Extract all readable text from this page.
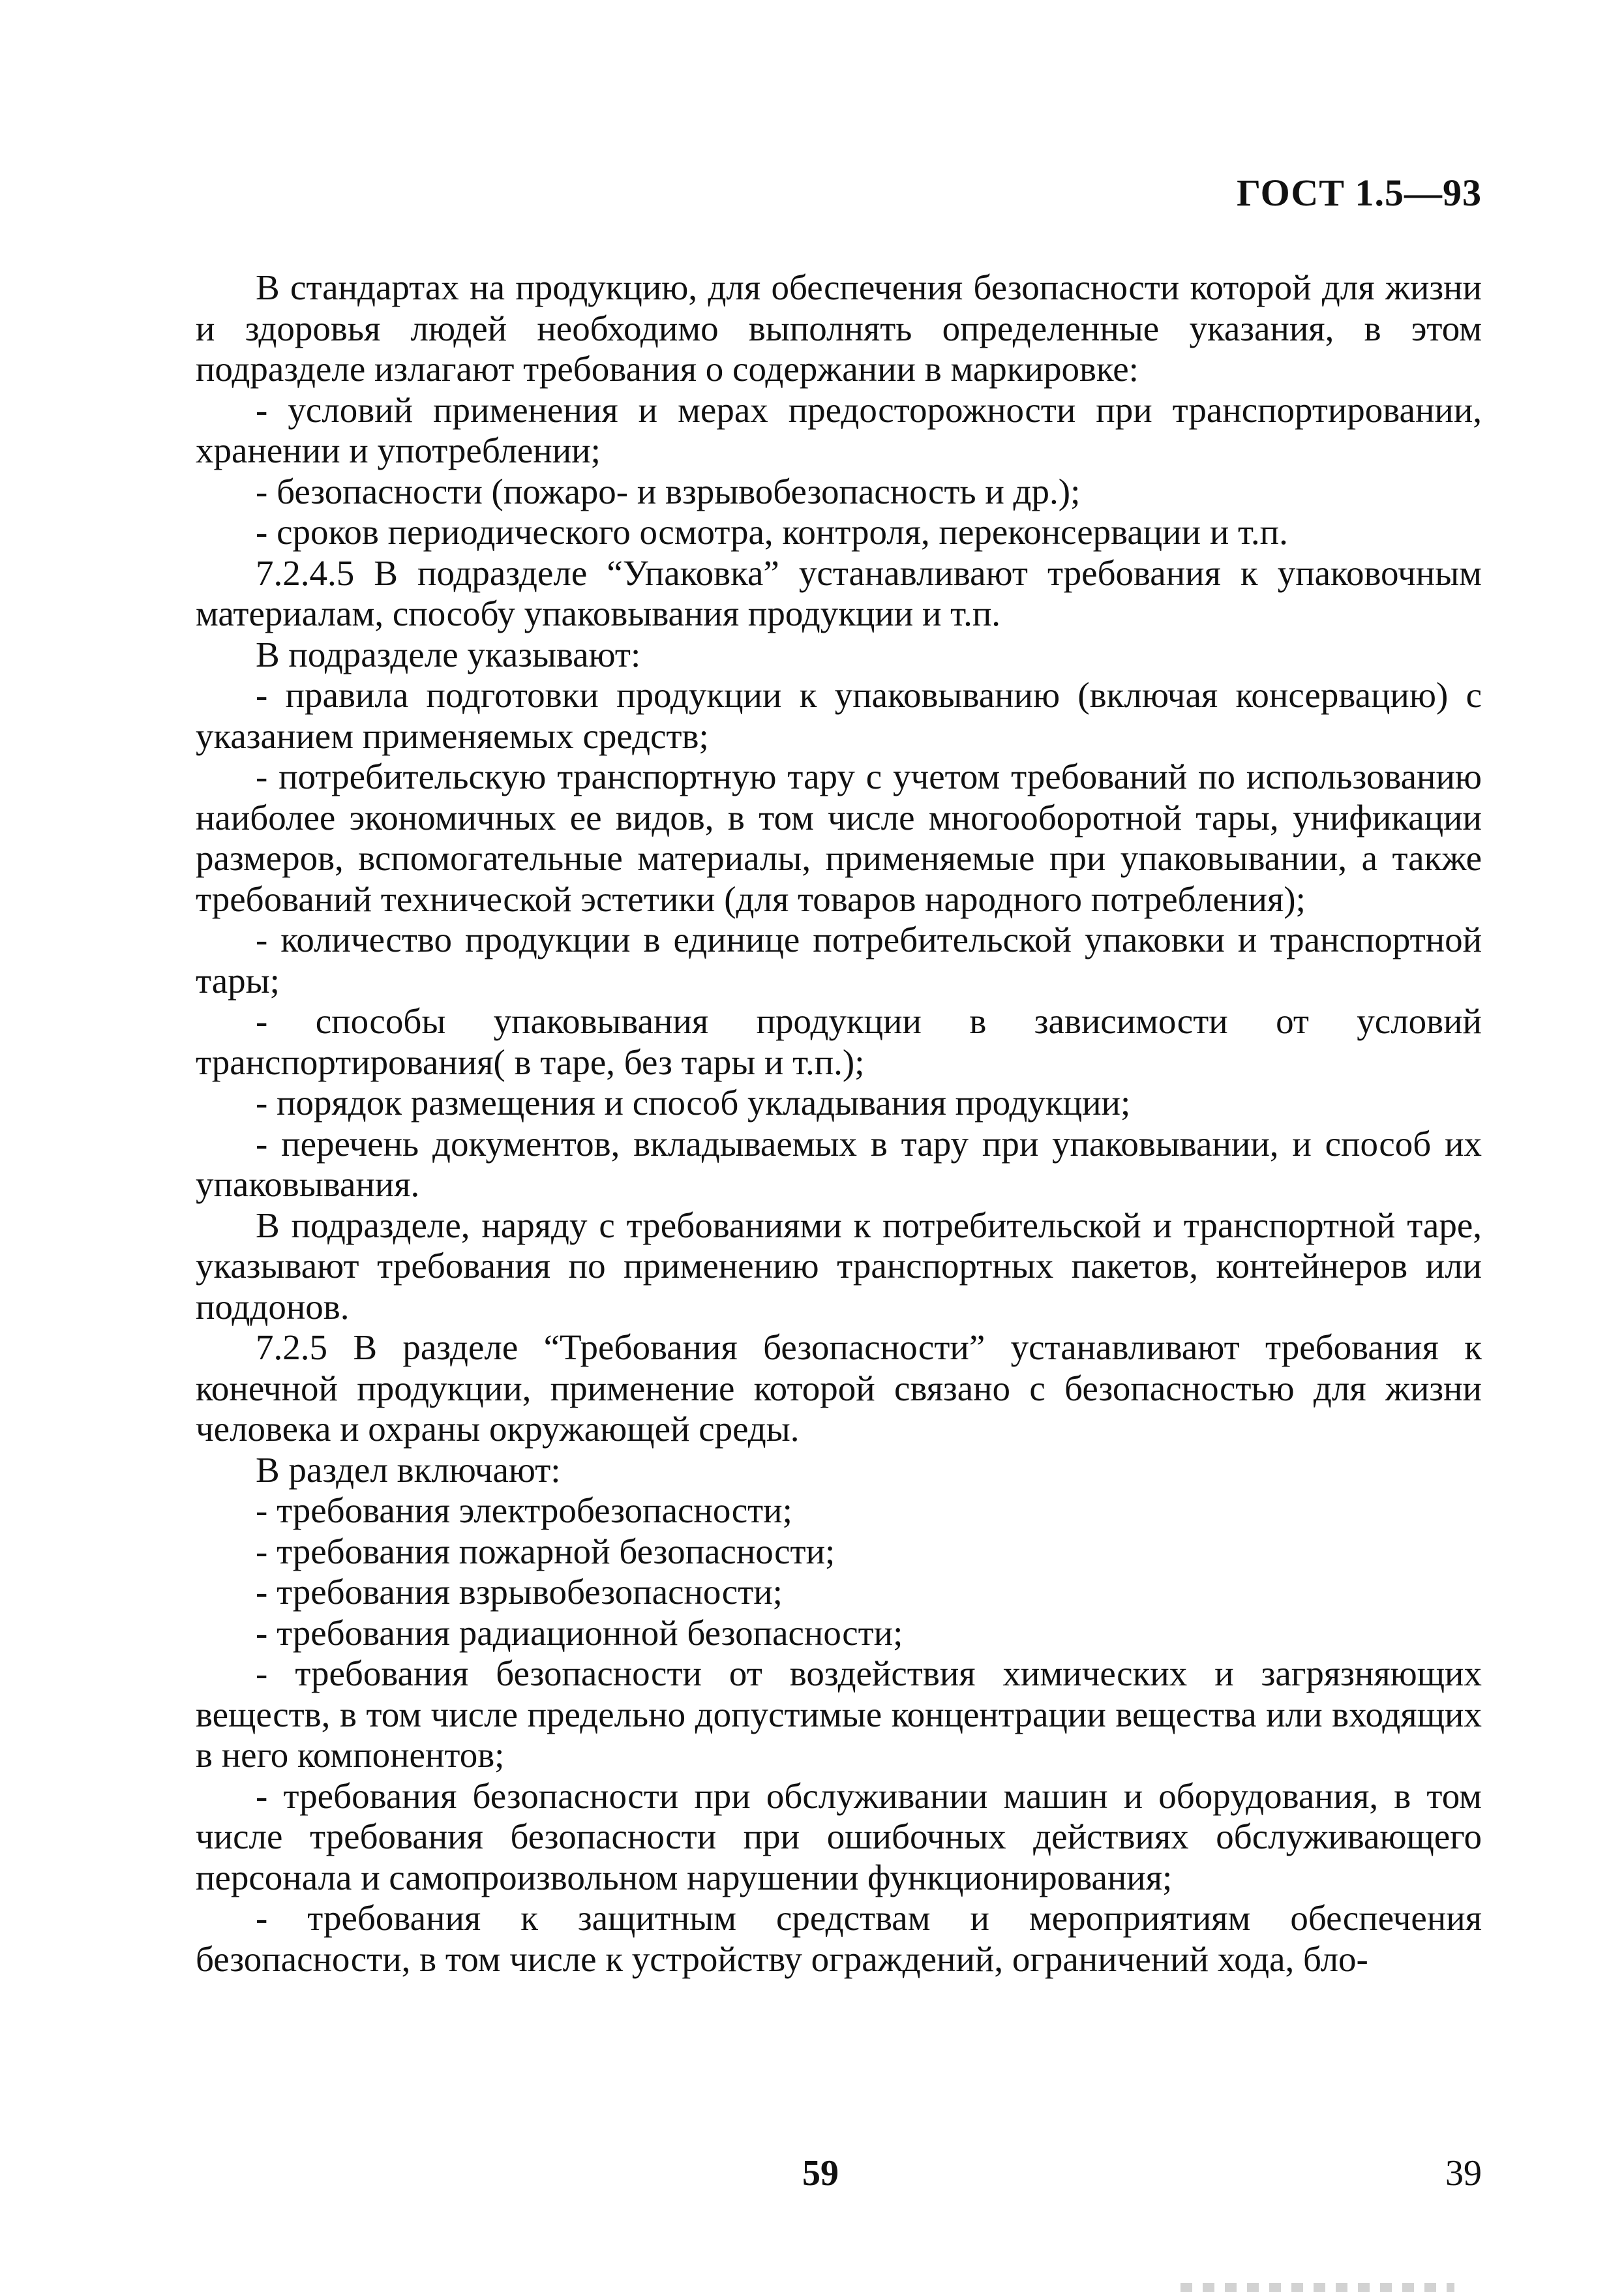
ГОСТ 1.5—93

В стандартах на продукцию, для обеспечения безопасности которой для жизни и здоровья людей необходимо выполнять определенные указания, в этом подразделе излагают требования о содержании в маркировке:

- условий применения и мерах предосторожности при транспортировании, хранении и употреблении;

- безопасности (пожаро- и взрывобезопасность и др.);

- сроков периодического осмотра, контроля, переконсервации и т.п.

7.2.4.5 В подразделе “Упаковка” устанавливают требования к упаковочным материалам, способу упаковывания продукции и т.п.

В подразделе указывают:

- правила подготовки продукции к упаковыванию (включая консервацию) с указанием применяемых средств;

- потребительскую транспортную тару с учетом требований по использованию наиболее экономичных ее видов, в том числе многооборотной тары, унификации размеров, вспомогательные материалы, применяемые при упаковывании, а также требований технической эстетики (для товаров народного потребления);

- количество продукции в единице потребительской упаковки и транспортной тары;

- способы упаковывания продукции в зависимости от условий транспортирования( в таре, без тары и т.п.);

- порядок размещения и способ укладывания продукции;

- перечень документов, вкладываемых в тару при упаковывании, и способ их упаковывания.

В подразделе, наряду с требованиями к потребительской и транспортной таре, указывают требования по применению транспортных пакетов, контейнеров или поддонов.

7.2.5 В разделе “Требования безопасности” устанавливают требования к конечной продукции, применение которой связано с безопасностью для жизни человека и охраны окружающей среды.

В раздел включают:

- требования электробезопасности;

- требования пожарной безопасности;

- требования взрывобезопасности;

- требования радиационной безопасности;

- требования безопасности от воздействия химических и загрязняющих веществ, в том числе предельно допустимые концентрации вещества или входящих в него компонентов;

- требования безопасности при обслуживании машин и оборудования, в том числе требования безопасности при ошибочных действиях обслуживающего персонала и самопроизвольном нарушении функционирования;

- требования к защитным средствам и мероприятиям обеспечения безопасности, в том числе к устройству ограждений, ограничений хода, бло-

59	39
